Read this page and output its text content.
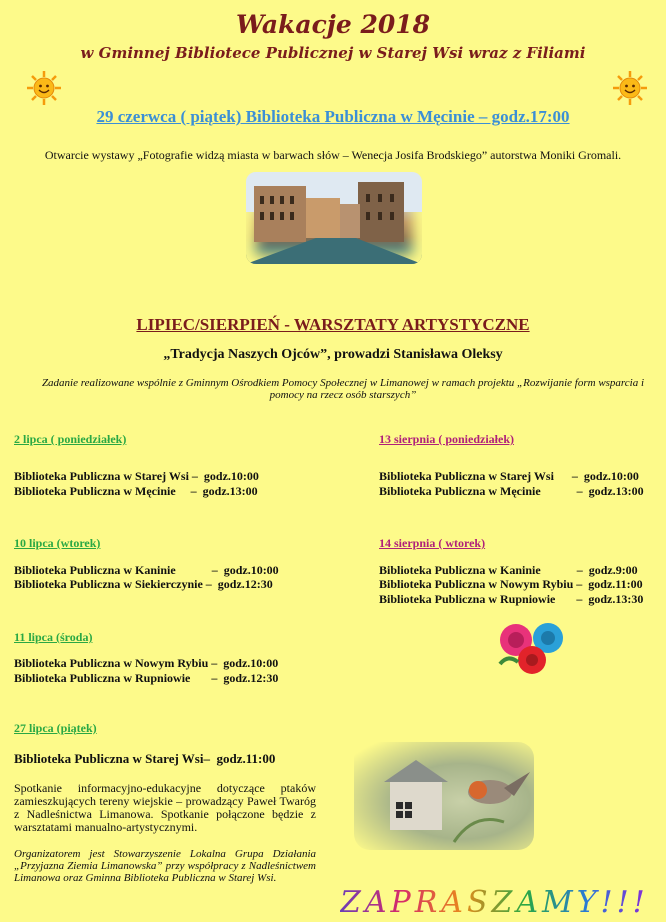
Wakacje 2018
w Gminnej Bibliotece Publicznej w Starej Wsi wraz z Filiami
29 czerwca ( piątek) Biblioteka Publiczna w Męcinie – godz.17:00
Otwarcie wystawy „Fotografie widzą miasta w barwach słów – Wenecja Josifa Brodskiego” autorstwa Moniki Gromali.
LIPIEC/SIERPIEŃ - WARSZTATY ARTYSTYCZNE
„Tradycja Naszych Ojców”, prowadzi Stanisława Oleksy
Zadanie realizowane wspólnie z Gminnym Ośrodkiem Pomocy Społecznej w Limanowej w ramach projektu „Rozwijanie form wsparcia i pomocy na rzecz osób starszych”
2 lipca ( poniedziałek)
Biblioteka Publiczna w Starej Wsi –  godz.10:00
Biblioteka Publiczna w Męcinie     –  godz.13:00
10 lipca (wtorek)
Biblioteka Publiczna w Kaninie            –  godz.10:00
Biblioteka Publiczna w Siekierczynie –  godz.12:30
11 lipca (środa)
Biblioteka Publiczna w Nowym Rybiu –  godz.10:00
Biblioteka Publiczna w Rupniowie       –  godz.12:30
27 lipca (piątek)
Biblioteka Publiczna w Starej Wsi–  godz.11:00
13 sierpnia ( poniedziałek)
Biblioteka Publiczna w Starej Wsi      –  godz.10:00
Biblioteka Publiczna w Męcinie            –  godz.13:00
14 sierpnia ( wtorek)
Biblioteka Publiczna w Kaninie            –  godz.9:00
Biblioteka Publiczna w Nowym Rybiu –  godz.11:00
Biblioteka Publiczna w Rupniowie       –  godz.13:30
Spotkanie informacyjno-edukacyjne dotyczące ptaków zamieszkujących tereny wiejskie – prowadzący Paweł Twaróg z Nadleśnictwa Limanowa. Spotkanie połączone będzie z warsztatami manualno-artystycznymi.
Organizatorem jest Stowarzyszenie Lokalna Grupa Działania „Przyjazna Ziemia Limanowska” przy współpracy z Nadleśnictwem Limanowa oraz Gminna Biblioteka Publiczna w Starej Wsi.
ZAPRASZAMY!!!
